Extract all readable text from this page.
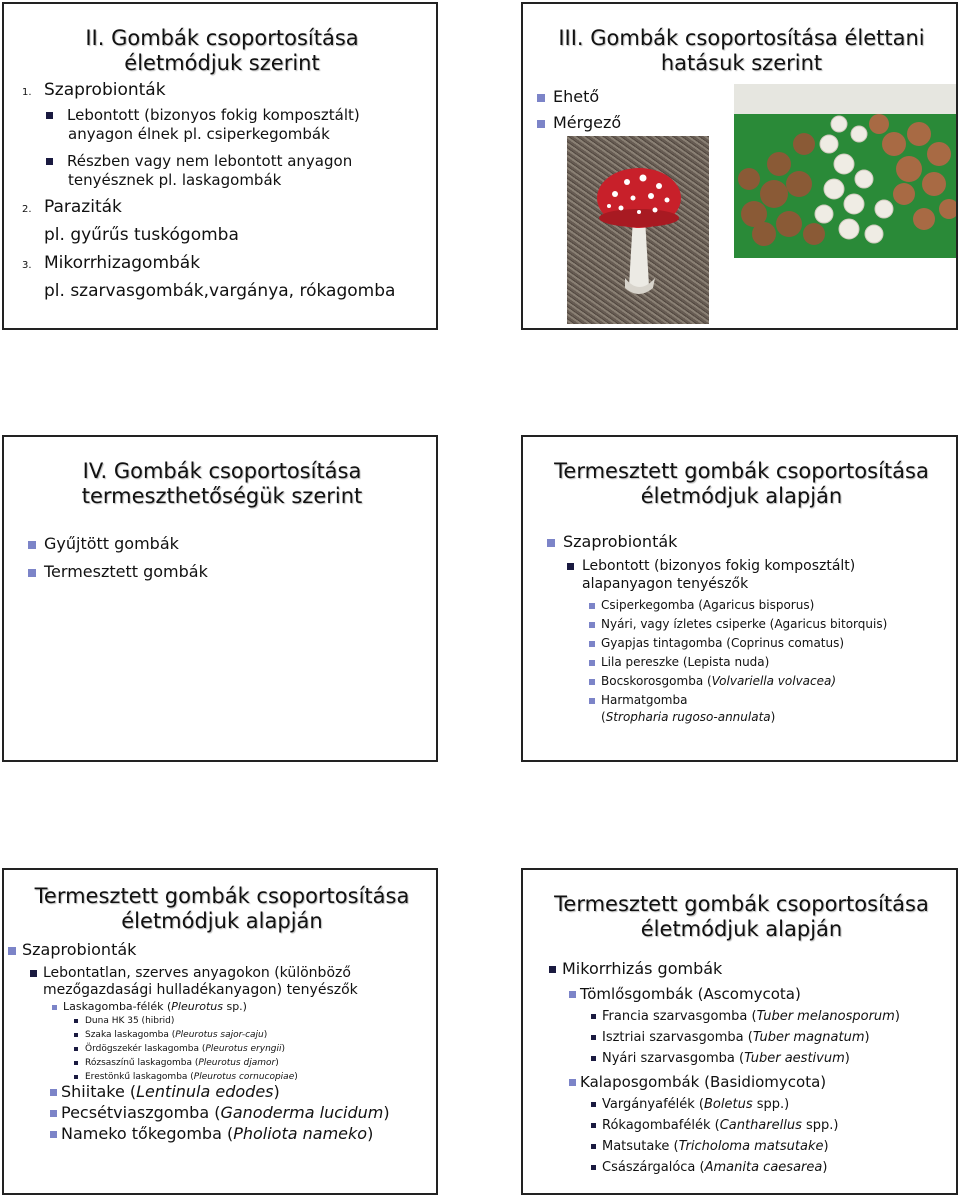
II. Gombák csoportosítása
életmódjuk szerint
1. Szaprobionták
Lebontott (bizonyos fokig komposztált)
anyagon élnek pl. csiperkegombák
Részben vagy nem lebontott anyagon
tenyésznek pl. laskagombák
2. Paraziták
pl. gyűrűs tuskógomba
3. Mikorrhizagombák
pl. szarvasgombák,vargánya, rókagomba
III. Gombák csoportosítása élettani
hatásuk szerint
Ehető
Mérgező
IV. Gombák csoportosítása
termeszthetőségük szerint
Gyűjtött gombák
Termesztett gombák
Termesztett gombák csoportosítása
életmódjuk alapján
Szaprobionták
Lebontott (bizonyos fokig komposztált)
alapanyagon tenyészők
Csiperkegomba (Agaricus bisporus)
Nyári, vagy ízletes csiperke (Agaricus bitorquis)
Gyapjas tintagomba (Coprinus comatus)
Lila pereszke (Lepista nuda)
Bocskorosgomba (Volvariella volvacea)
Harmatgomba
(Stropharia rugoso-annulata)
Termesztett gombák csoportosítása
életmódjuk alapján
Szaprobionták
Lebontatlan, szerves anyagokon (különböző
mezőgazdasági hulladékanyagon) tenyészők
Laskagomba-félék (Pleurotus sp.)
Duna HK 35 (hibrid)
Szaka laskagomba (Pleurotus sajor-caju)
Ördögszekér laskagomba (Pleurotus eryngii)
Rózsaszínű laskagomba (Pleurotus djamor)
Erestönkű laskagomba (Pleurotus cornucopiae)
Shiitake (Lentinula edodes)
Pecsétviaszgomba (Ganoderma lucidum)
Nameko tőkegomba (Pholiota nameko)
Termesztett gombák csoportosítása
életmódjuk alapján
Mikorrhizás gombák
Tömlősgombák (Ascomycota)
Francia szarvasgomba (Tuber melanosporum)
Isztriai szarvasgomba (Tuber magnatum)
Nyári szarvasgomba (Tuber aestivum)
Kalaposgombák (Basidiomycota)
Vargányafélék (Boletus spp.)
Rókagombafélék (Cantharellus spp.)
Matsutake (Tricholoma matsutake)
Császárgalóca (Amanita caesarea)
